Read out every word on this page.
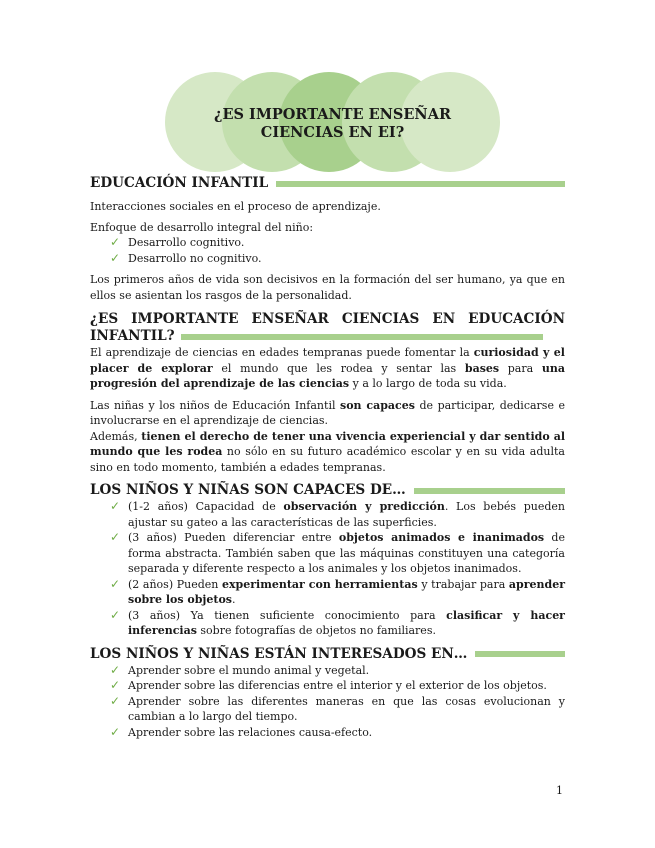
¿ES IMPORTANTE ENSEÑAR
CIENCIAS EN EI?
EDUCACIÓN INFANTIL

Interacciones sociales en el proceso de aprendizaje.

Enfoque de desarrollo integral del niño:

✓ Desarrollo cognitivo.
✓ Desarrollo no cognitivo.

Los primeros años de vida son decisivos en la formación del ser humano, ya que en ellos se asientan los rasgos de la personalidad.

¿ES IMPORTANTE ENSEÑAR CIENCIAS EN EDUCACIÓN INFANTIL?

El aprendizaje de ciencias en edades tempranas puede fomentar la curiosidad y el placer de explorar el mundo que les rodea y sentar las bases para una progresión del aprendizaje de las ciencias y a lo largo de toda su vida.

Las niñas y los niños de Educación Infantil son capaces de participar, dedicarse e involucrarse en el aprendizaje de ciencias.

Además, tienen el derecho de tener una vivencia experiencial y dar sentido al mundo que les rodea no sólo en su futuro académico escolar y en su vida adulta sino en todo momento, también a edades tempranas.

LOS NIÑOS Y NIÑAS SON CAPACES DE…
✓ (1-2 años) Capacidad de observación y predicción. Los bebés pueden ajustar su gateo a las características de las superficies.
✓ (3 años) Pueden diferenciar entre objetos animados e inanimados de forma abstracta. También saben que las máquinas constituyen una categoría separada y diferente respecto a los animales y los objetos inanimados.
✓ (2 años) Pueden experimentar con herramientas y trabajar para aprender sobre los objetos.
✓ (3 años) Ya tienen suficiente conocimiento para clasificar y hacer inferencias sobre fotografías de objetos no familiares.
LOS NIÑOS Y NIÑAS ESTÁN INTERESADOS EN…
✓ Aprender sobre el mundo animal y vegetal.
✓ Aprender sobre las diferencias entre el interior y el exterior de los objetos.
✓ Aprender sobre las diferentes maneras en que las cosas evolucionan y cambian a lo largo del tiempo.
✓ Aprender sobre las relaciones causa-efecto.
1
